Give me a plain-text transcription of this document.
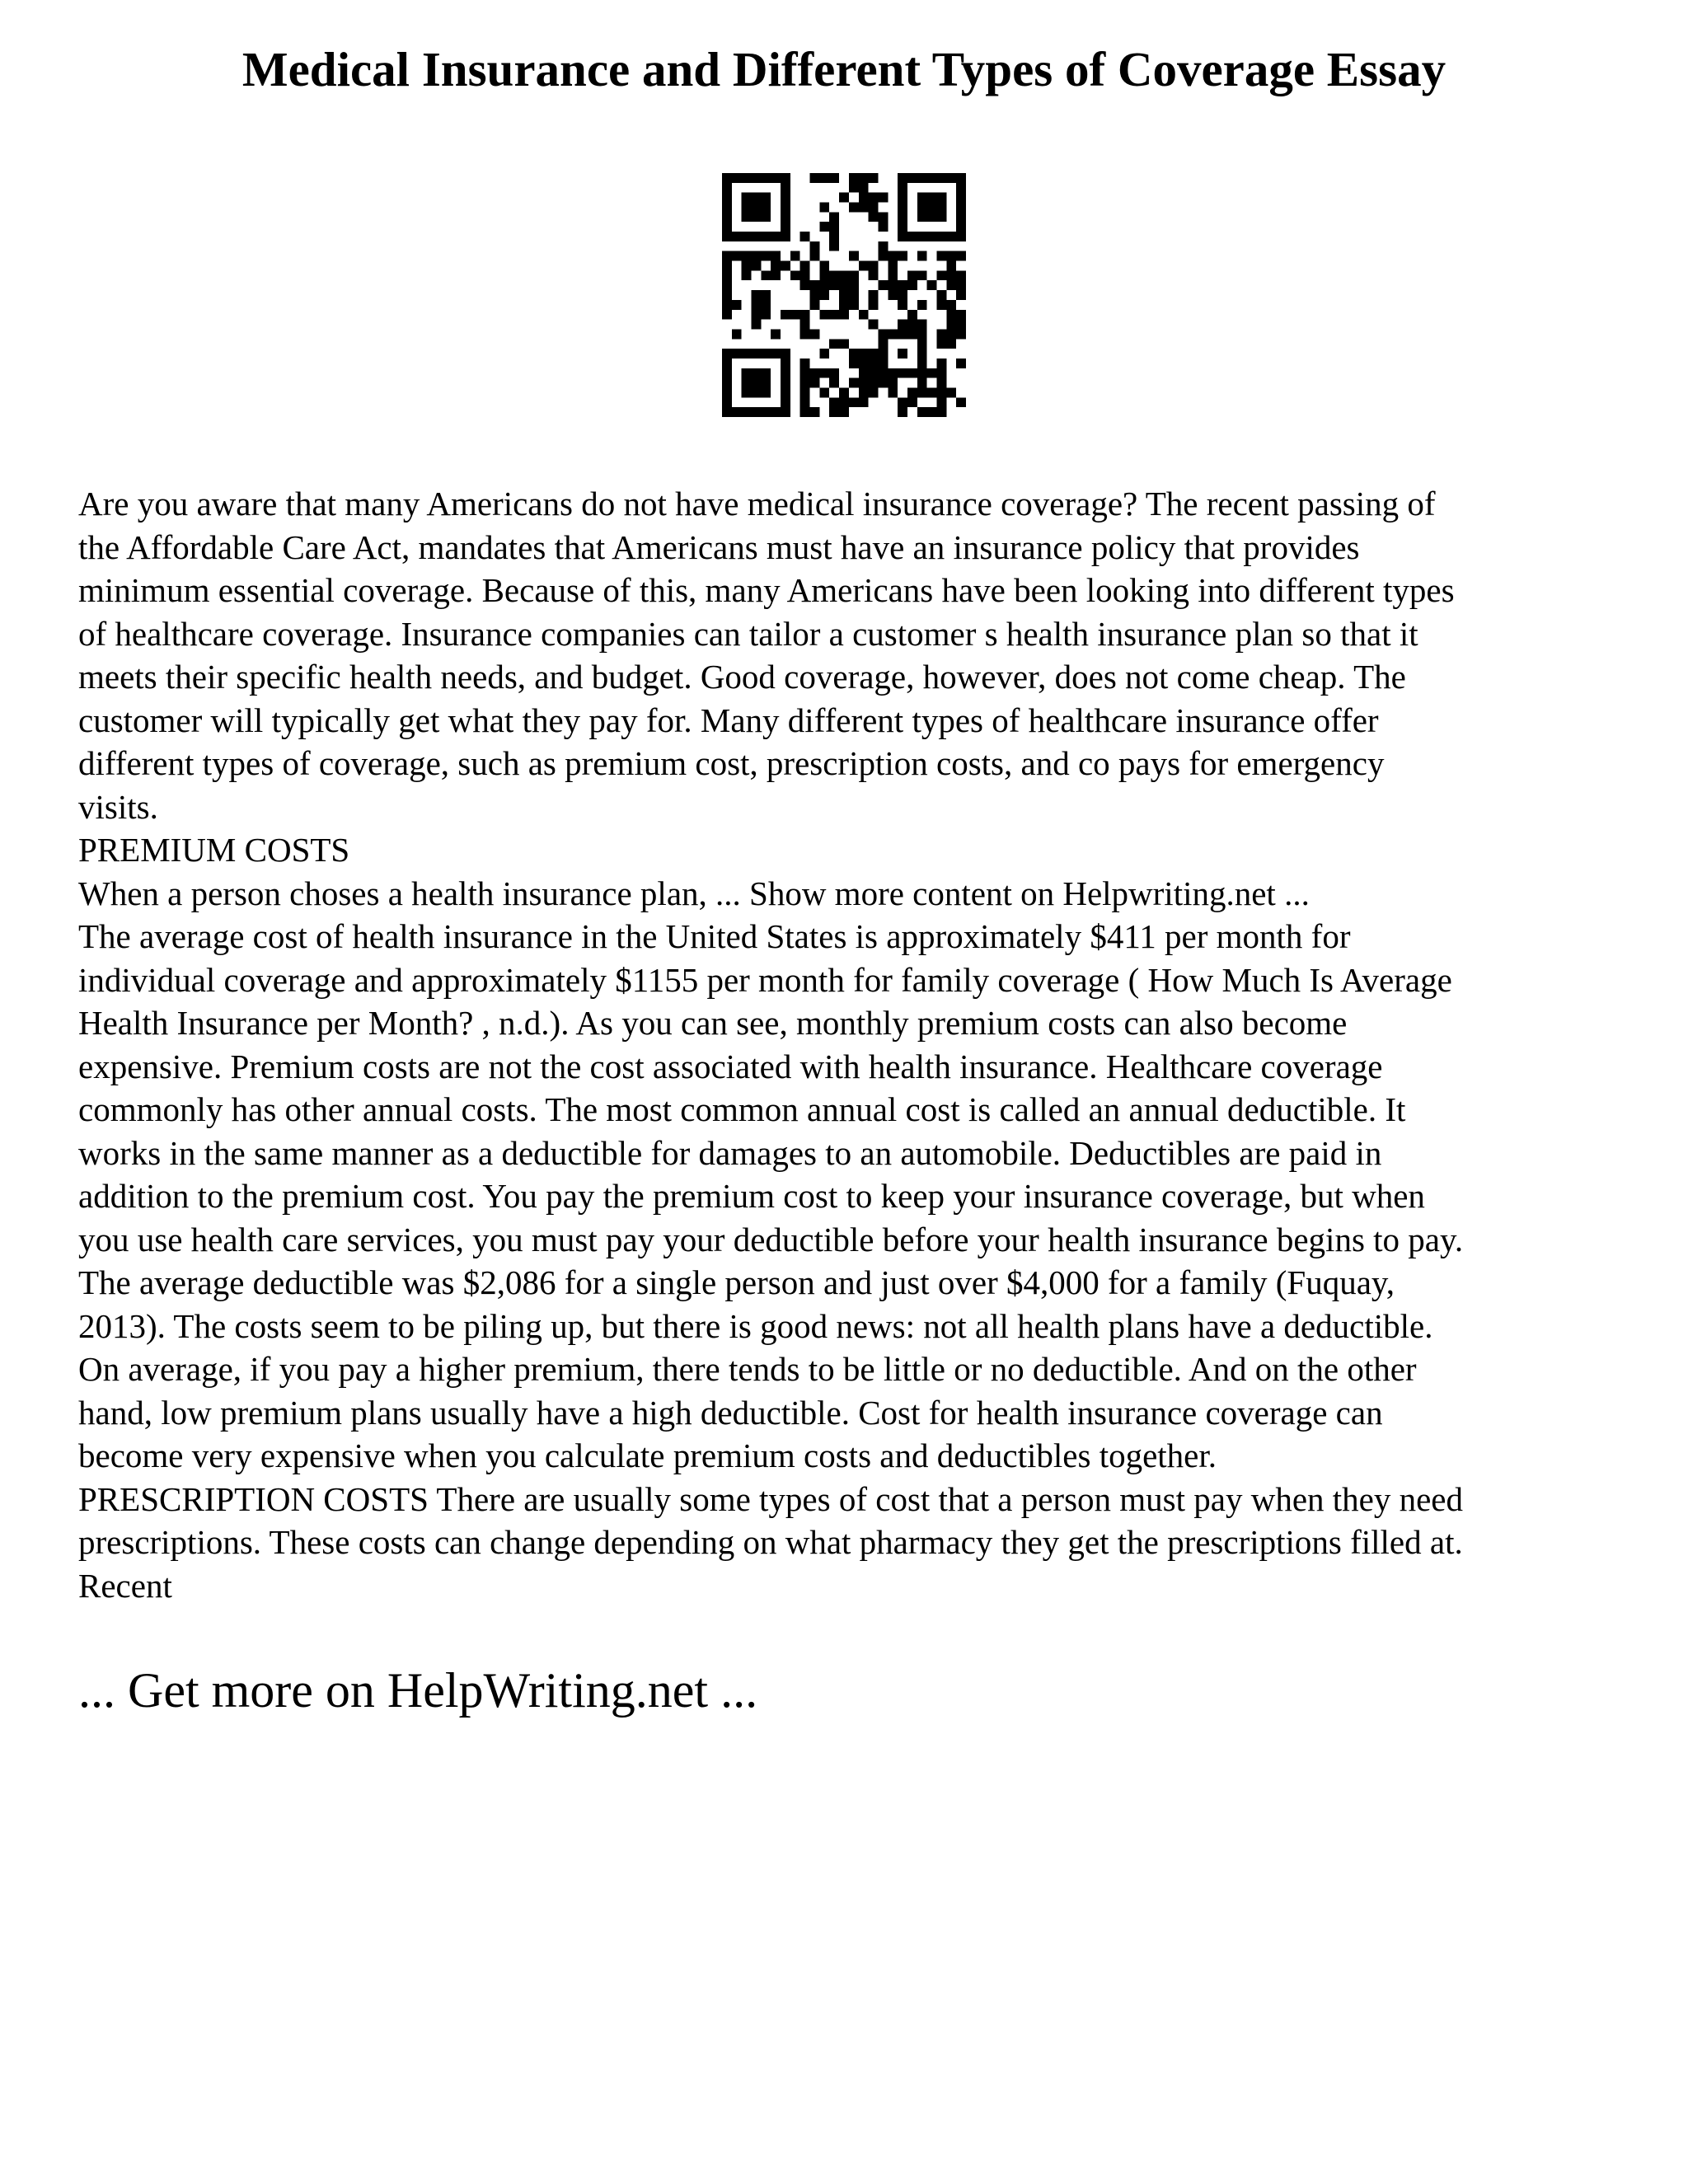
Medical Insurance and Different Types of Coverage Essay
Are you aware that many Americans do not have medical insurance coverage? The recent passing of
the Affordable Care Act, mandates that Americans must have an insurance policy that provides
minimum essential coverage. Because of this, many Americans have been looking into different types
of healthcare coverage. Insurance companies can tailor a customer s health insurance plan so that it
meets their specific health needs, and budget. Good coverage, however, does not come cheap. The
customer will typically get what they pay for. Many different types of healthcare insurance offer
different types of coverage, such as premium cost, prescription costs, and co pays for emergency
visits.
PREMIUM COSTS
When a person choses a health insurance plan, ... Show more content on Helpwriting.net ...
The average cost of health insurance in the United States is approximately $411 per month for
individual coverage and approximately $1155 per month for family coverage ( How Much Is Average
Health Insurance per Month? , n.d.). As you can see, monthly premium costs can also become
expensive. Premium costs are not the cost associated with health insurance. Healthcare coverage
commonly has other annual costs. The most common annual cost is called an annual deductible. It
works in the same manner as a deductible for damages to an automobile. Deductibles are paid in
addition to the premium cost. You pay the premium cost to keep your insurance coverage, but when
you use health care services, you must pay your deductible before your health insurance begins to pay.
The average deductible was $2,086 for a single person and just over $4,000 for a family (Fuquay,
2013). The costs seem to be piling up, but there is good news: not all health plans have a deductible.
On average, if you pay a higher premium, there tends to be little or no deductible. And on the other
hand, low premium plans usually have a high deductible. Cost for health insurance coverage can
become very expensive when you calculate premium costs and deductibles together.
PRESCRIPTION COSTS There are usually some types of cost that a person must pay when they need
prescriptions. These costs can change depending on what pharmacy they get the prescriptions filled at.
Recent
... Get more on HelpWriting.net ...
